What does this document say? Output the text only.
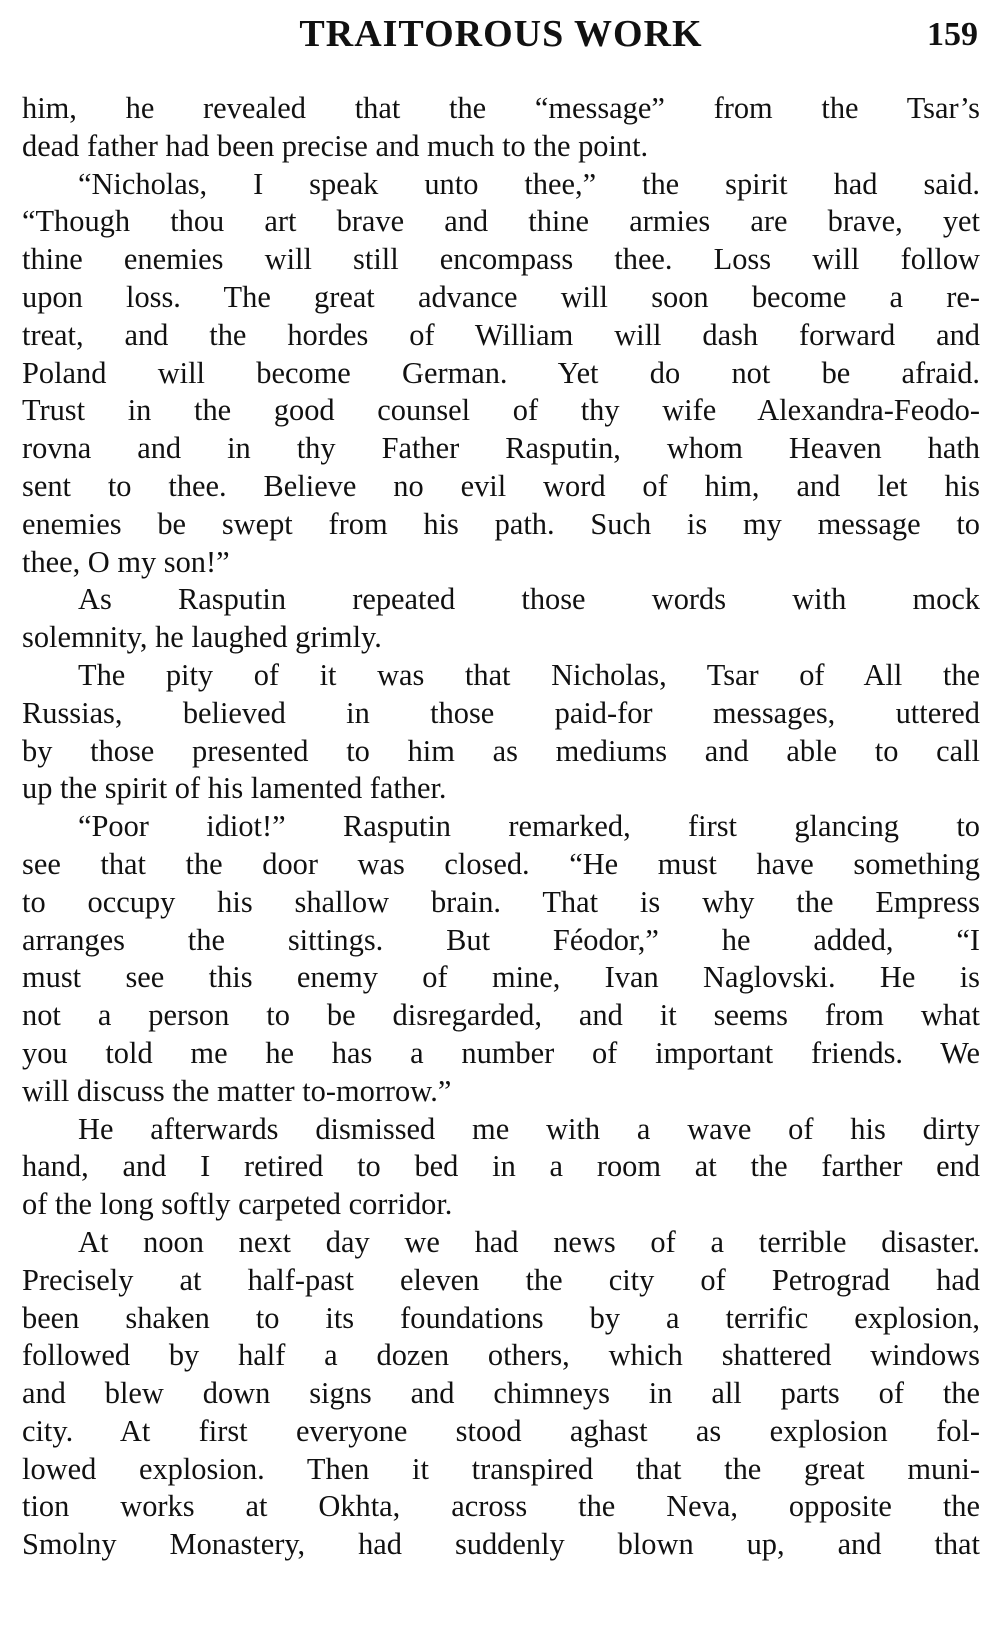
TRAITOROUS WORK	159
him, he revealed that the “message” from the Tsar’s
dead father had been precise and much to the point.
“Nicholas, I speak unto thee,” the spirit had said.
“Though thou art brave and thine armies are brave, yet
thine enemies will still encompass thee. Loss will follow
upon loss. The great advance will soon become a re-
treat, and the hordes of William will dash forward and
Poland will become German. Yet do not be afraid.
Trust in the good counsel of thy wife Alexandra-Feodo-
rovna and in thy Father Rasputin, whom Heaven hath
sent to thee. Believe no evil word of him, and let his
enemies be swept from his path. Such is my message to
thee, O my son!”
As Rasputin repeated those words with mock
solemnity, he laughed grimly.
The pity of it was that Nicholas, Tsar of All the
Russias, believed in those paid-for messages, uttered
by those presented to him as mediums and able to call
up the spirit of his lamented father.
“Poor idiot!” Rasputin remarked, first glancing to
see that the door was closed. “He must have something
to occupy his shallow brain. That is why the Empress
arranges the sittings. But Féodor,” he added, “I
must see this enemy of mine, Ivan Naglovski. He is
not a person to be disregarded, and it seems from what
you told me he has a number of important friends. We
will discuss the matter to-morrow.”
He afterwards dismissed me with a wave of his dirty
hand, and I retired to bed in a room at the farther end
of the long softly carpeted corridor.
At noon next day we had news of a terrible disaster.
Precisely at half-past eleven the city of Petrograd had
been shaken to its foundations by a terrific explosion,
followed by half a dozen others, which shattered windows
and blew down signs and chimneys in all parts of the
city. At first everyone stood aghast as explosion fol-
lowed explosion. Then it transpired that the great muni-
tion works at Okhta, across the Neva, opposite the
Smolny Monastery, had suddenly blown up, and that
